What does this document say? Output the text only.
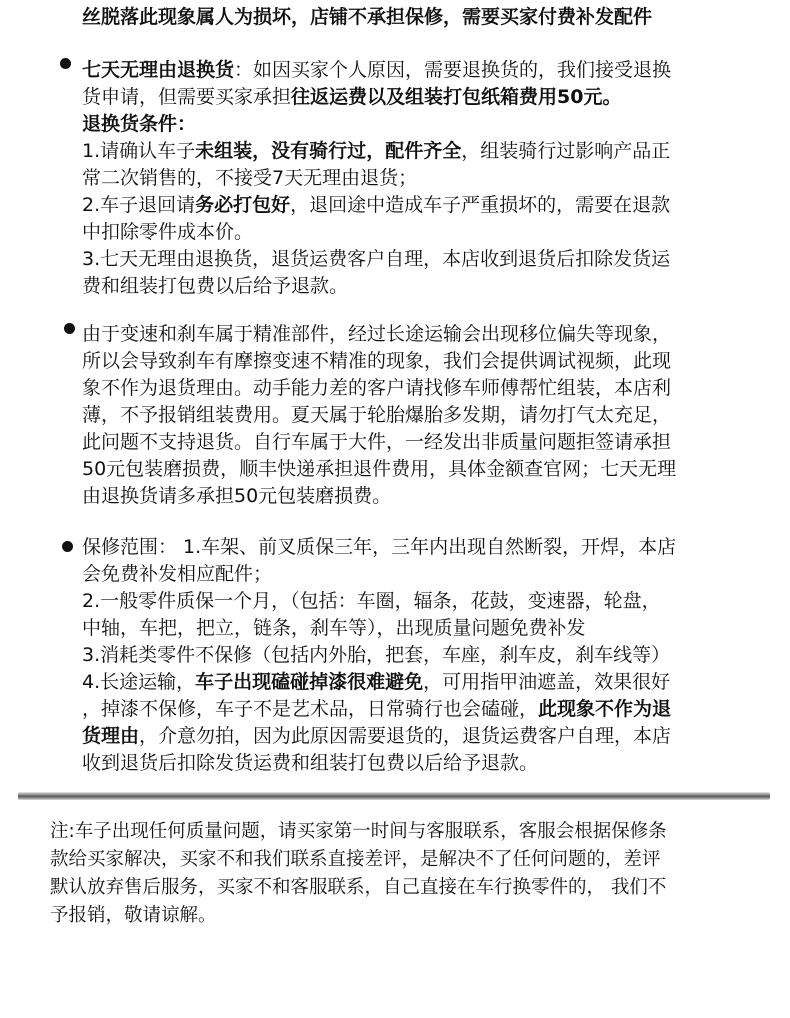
丝脱落此现象属人为损坏，店铺不承担保修，需要买家付费补发配件
七天无理由退换货：如因买家个人原因，需要退换货的，我们接受退换
货申请，但需要买家承担往返运费以及组装打包纸箱费用50元。
退换货条件：
1.请确认车子未组装，没有骑行过，配件齐全，组装骑行过影响产品正
常二次销售的，不接受7天无理由退货；
2.车子退回请务必打包好，退回途中造成车子严重损坏的，需要在退款
中扣除零件成本价。
3.七天无理由退换货，退货运费客户自理，本店收到退货后扣除发货运
费和组装打包费以后给予退款。
由于变速和刹车属于精准部件，经过长途运输会出现移位偏失等现象，
所以会导致刹车有摩擦变速不精准的现象，我们会提供调试视频，此现
象不作为退货理由。动手能力差的客户请找修车师傅帮忙组装，本店利
薄，不予报销组装费用。夏天属于轮胎爆胎多发期，请勿打气太充足，
此问题不支持退货。自行车属于大件，一经发出非质量问题拒签请承担
50元包装磨损费，顺丰快递承担退件费用，具体金额查官网；七天无理
由退换货请多承担50元包装磨损费。
保修范围： 1.车架、前叉质保三年，三年内出现自然断裂，开焊，本店
会免费补发相应配件；
2.一般零件质保一个月，（包括：车圈，辐条，花鼓，变速器，轮盘，
中轴，车把，把立，链条，刹车等），出现质量问题免费补发
3.消耗类零件不保修（包括内外胎，把套，车座，刹车皮，刹车线等）
4.长途运输，车子出现磕碰掉漆很难避免，可用指甲油遮盖，效果很好
，掉漆不保修，车子不是艺术品，日常骑行也会磕碰，此现象不作为退
货理由，介意勿拍，因为此原因需要退货的，退货运费客户自理，本店
收到退货后扣除发货运费和组装打包费以后给予退款。
注:车子出现任何质量问题，请买家第一时间与客服联系，客服会根据保修条
款给买家解决，买家不和我们联系直接差评，是解决不了任何问题的，差评
默认放弃售后服务，买家不和客服联系，自己直接在车行换零件的， 我们不
予报销，敬请谅解。
